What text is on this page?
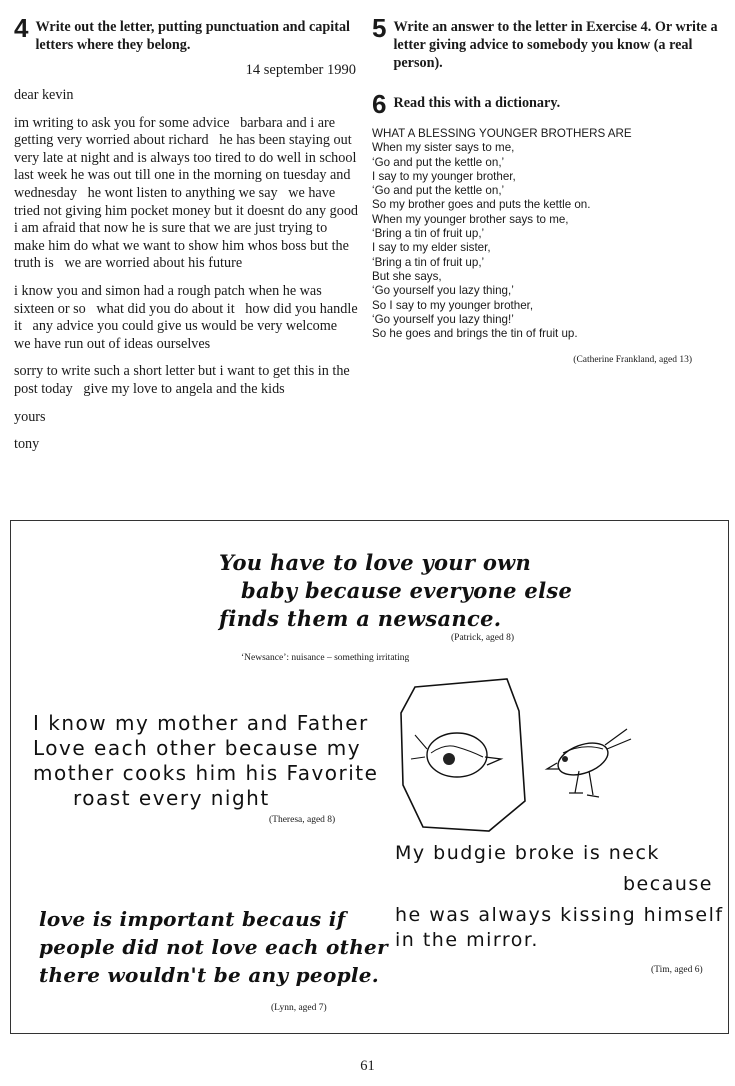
4 Write out the letter, putting punctuation and capital letters where they belong.
14 september 1990

dear kevin

im writing to ask you for some advice   barbara and i are getting very worried about richard   he has been staying out very late at night and is always too tired to do well in school   last week he was out till one in the morning on tuesday and wednesday   he wont listen to anything we say   we have tried not giving him pocket money but it doesnt do any good   i am afraid that now he is sure that we are just trying to make him do what we want to show him whos boss but the truth is   we are worried about his future

i know you and simon had a rough patch when he was sixteen or so   what did you do about it   how did you handle it   any advice you could give us would be very welcome   we have run out of ideas ourselves

sorry to write such a short letter but i want to get this in the post today   give my love to angela and the kids

yours

tony

5 Write an answer to the letter in Exercise 4. Or write a letter giving advice to somebody you know (a real person).
6 Read this with a dictionary.
WHAT A BLESSING YOUNGER BROTHERS ARE
When my sister says to me,
‘Go and put the kettle on,’
I say to my younger brother,
‘Go and put the kettle on,’
So my brother goes and puts the kettle on.
When my younger brother says to me,
‘Bring a tin of fruit up,’
I say to my elder sister,
‘Bring a tin of fruit up,’
But she says,
‘Go yourself you lazy thing,’
So I say to my younger brother,
‘Go yourself you lazy thing!’
So he goes and brings the tin of fruit up.
(Catherine Frankland, aged 13)
You have to love your own
baby because everyone else
finds them a newsance.
(Patrick, aged 8)
‘Newsance’: nuisance – something irritating
I know my mother and Father
Love each other because my
mother cooks him his Favorite
roast every night
(Theresa, aged 8)
My budgie broke is neck
because
he was always kissing himself
in the mirror.
(Tim, aged 6)
love is important becaus if
people did not love each other
there wouldn't be any people.
(Lynn, aged 7)
61
